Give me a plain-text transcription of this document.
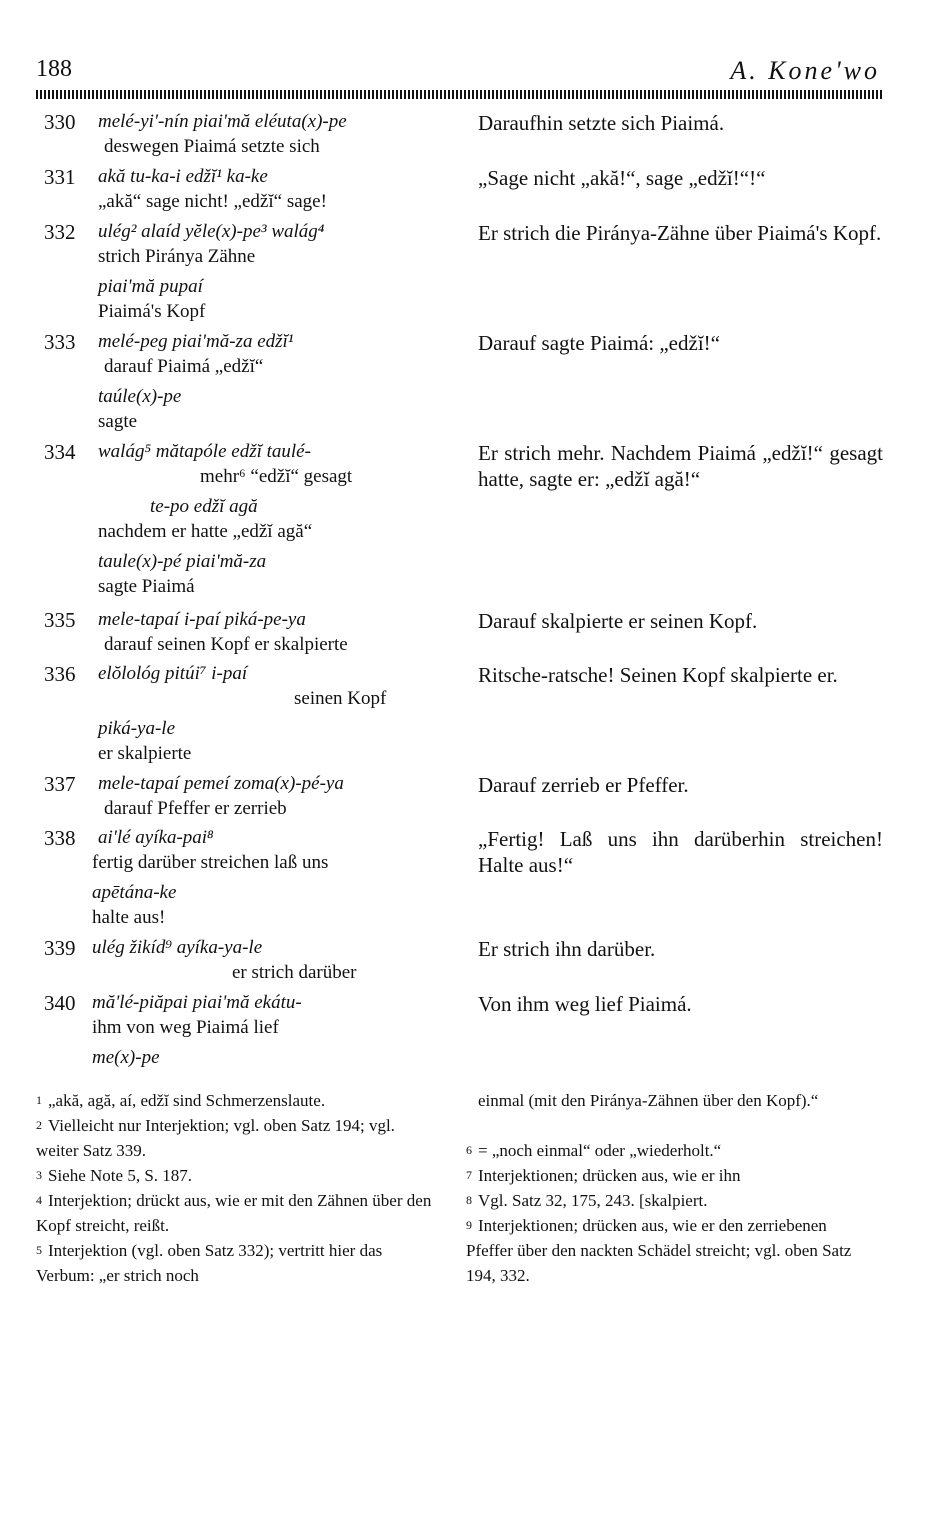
188	A. Kone'wo
330 melé-yi'-nín piai'mă eléuta(x)-pe
deswegen Piaimá setzte sich
Daraufhin setzte sich Piaimá.
331 akă tu-ka-i edžĭ¹ ka-ke
„akă“ sage nicht! „edžĭ“ sage!
„Sage nicht „akă!“, sage „edžĭ!“!“
332 ulég² alaíd yĕle(x)-pe³ walág⁴
strich Piránya Zähne
piai'mă pupaí
Piaimá's Kopf
Er strich die Piránya-Zähne über Piaimá's Kopf.
333 melé-peg piai'mă-za edžĭ¹
darauf Piaimá „edžĭ“
taúle(x)-pe
sagte
Darauf sagte Piaimá: „edžĭ!“
334 walág⁵ mătapóle edžĭ taulé-
mehr⁶ “edžĭ“ gesagt
te-po edžĭ agă
nachdem er hatte „edžĭ agă“
taule(x)-pé piai'mă-za
sagte Piaimá
Er strich mehr. Nachdem Piaimá „edžĭ!“ gesagt hatte, sagte er: „edžĭ agă!“
335 mele-tapaí i-paí piká-pe-ya
darauf seinen Kopf er skalpierte
Darauf skalpierte er seinen Kopf.
336 elŏlológ pitúi⁷ i-paí
seinen Kopf
piká-ya-le
er skalpierte
Ritsche-ratsche! Seinen Kopf skalpierte er.
337 mele-tapaí pemeí zoma(x)-pé-ya
darauf Pfeffer er zerrieb
Darauf zerrieb er Pfeffer.
338 ai'lé ayíka-pai⁸
fertig darüber streichen laß uns
apētána-ke
halte aus!
„Fertig! Laß uns ihn darüberhin streichen! Halte aus!“
339 ulég žikíd⁹ ayíka-ya-le
er strich darüber
Er strich ihn darüber.
340 mă'lé-piăpai piai'mă ekátu-
ihm von weg Piaimá lief
me(x)-pe
Von ihm weg lief Piaimá.
1 „akă, agă, aí, edžĭ sind Schmerzenslaute.
2 Vielleicht nur Interjektion; vgl. oben Satz 194; vgl. weiter Satz 339.
3 Siehe Note 5, S. 187.
4 Interjektion; drückt aus, wie er mit den Zähnen über den Kopf streicht, reißt.
5 Interjektion (vgl. oben Satz 332); vertritt hier das Verbum: „er strich noch
einmal (mit den Piránya-Zähnen über den Kopf).“
6 = „noch einmal“ oder „wiederholt.“
7 Interjektionen; drücken aus, wie er ihn
8 Vgl. Satz 32, 175, 243. [skalpiert.
9 Interjektionen; drücken aus, wie er den zerriebenen Pfeffer über den nackten Schädel streicht; vgl. oben Satz 194, 332.
